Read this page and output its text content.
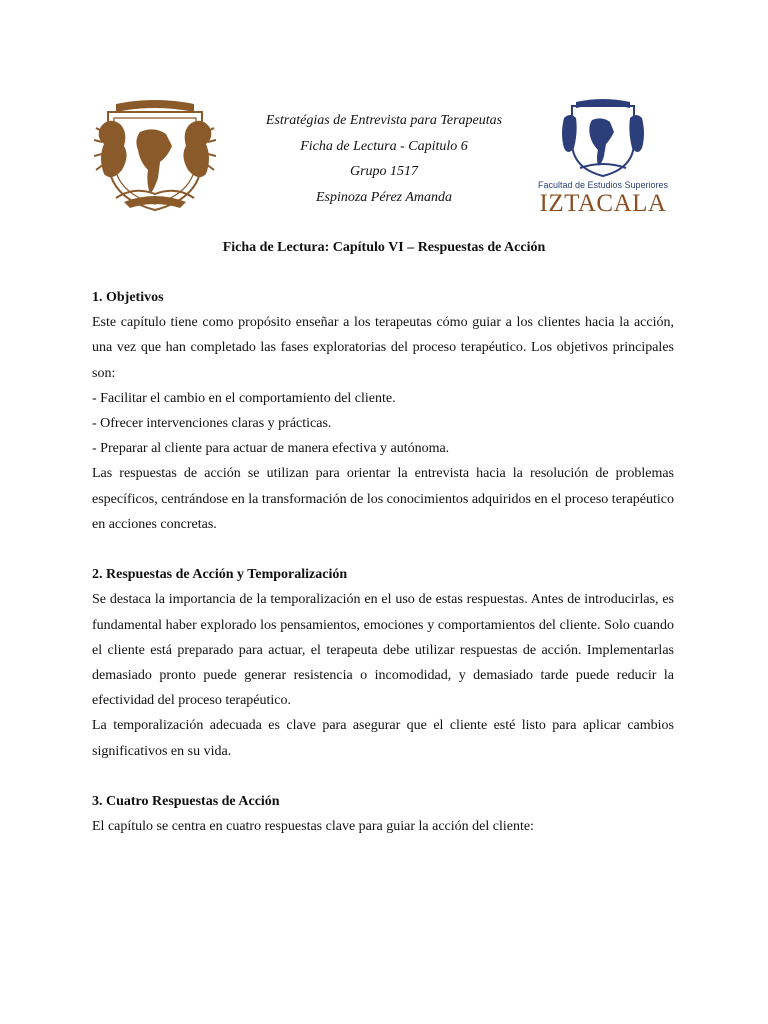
Estratégias de Entrevista para Terapeutas
Ficha de Lectura - Capitulo 6
Grupo 1517
Espinoza Pérez Amanda
Facultad de Estudios Superiores
IZTACALA
Ficha de Lectura: Capítulo VI – Respuestas de Acción
1. Objetivos

Este capítulo tiene como propósito enseñar a los terapeutas cómo guiar a los clientes hacia la acción, una vez que han completado las fases exploratorias del proceso terapéutico. Los objetivos principales son:

- Facilitar el cambio en el comportamiento del cliente.
- Ofrecer intervenciones claras y prácticas.
- Preparar al cliente para actuar de manera efectiva y autónoma.

Las respuestas de acción se utilizan para orientar la entrevista hacia la resolución de problemas específicos, centrándose en la transformación de los conocimientos adquiridos en el proceso terapéutico en acciones concretas.

2. Respuestas de Acción y Temporalización

Se destaca la importancia de la temporalización en el uso de estas respuestas. Antes de introducirlas, es fundamental haber explorado los pensamientos, emociones y comportamientos del cliente. Solo cuando el cliente está preparado para actuar, el terapeuta debe utilizar respuestas de acción. Implementarlas demasiado pronto puede generar resistencia o incomodidad, y demasiado tarde puede reducir la efectividad del proceso terapéutico.

La temporalización adecuada es clave para asegurar que el cliente esté listo para aplicar cambios significativos en su vida.

3. Cuatro Respuestas de Acción

El capítulo se centra en cuatro respuestas clave para guiar la acción del cliente:
